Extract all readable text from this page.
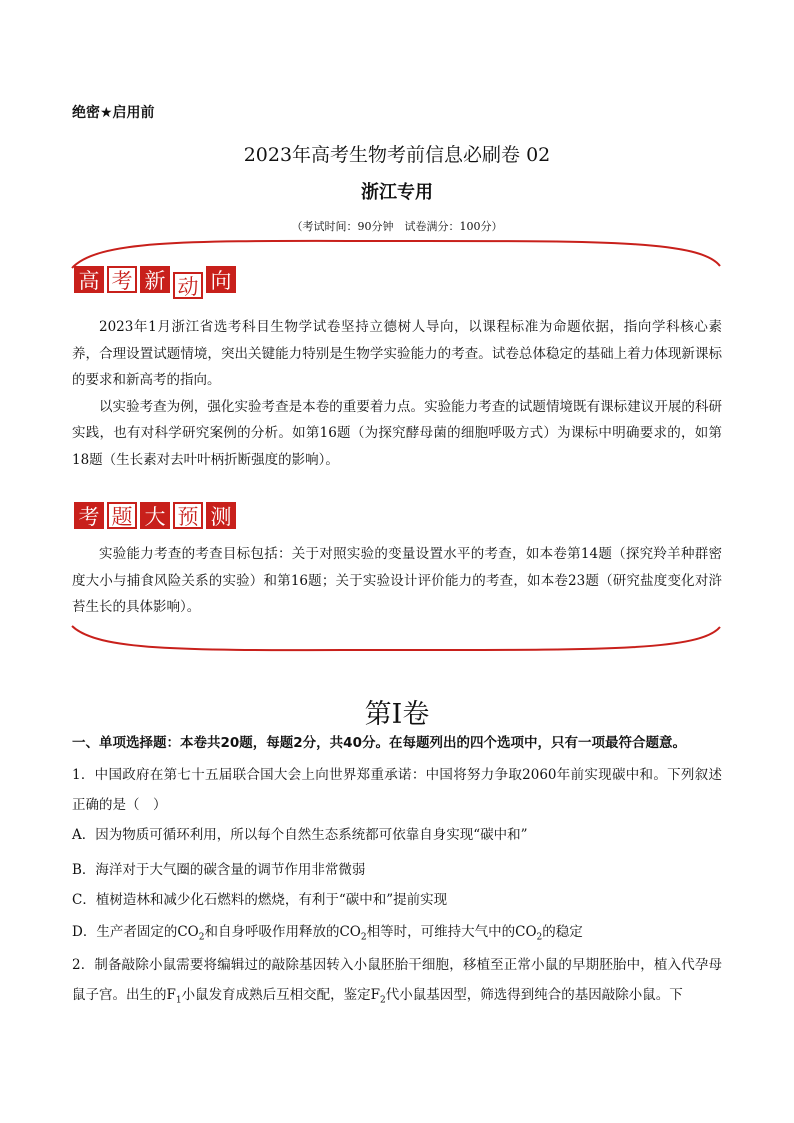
绝密★启用前
2023年高考生物考前信息必刷卷 02
浙江专用
（考试时间：90分钟　试卷满分：100分）
高 考 新 动 向

2023年1月浙江省选考科目生物学试卷坚持立德树人导向，以课程标准为命题依据，指向学科核心素养，合理设置试题情境，突出关键能力特别是生物学实验能力的考查。试卷总体稳定的基础上着力体现新课标的要求和新高考的指向。

以实验考查为例，强化实验考查是本卷的重要着力点。实验能力考查的试题情境既有课标建议开展的科研实践，也有对科学研究案例的分析。如第16题（为探究酵母菌的细胞呼吸方式）为课标中明确要求的，如第18题（生长素对去叶叶柄折断强度的影响）。

考 题 大 预 测

实验能力考查的考查目标包括：关于对照实验的变量设置水平的考查，如本卷第14题（探究羚羊种群密度大小与捕食风险关系的实验）和第16题；关于实验设计评价能力的考查，如本卷23题（研究盐度变化对浒苔生长的具体影响）。

第Ⅰ卷
一、单项选择题：本卷共20题，每题2分，共40分。在每题列出的四个选项中，只有一项最符合题意。
1．中国政府在第七十五届联合国大会上向世界郑重承诺：中国将努力争取2060年前实现碳中和。下列叙述正确的是（　）
A．因为物质可循环利用，所以每个自然生态系统都可依靠自身实现“碳中和”
B．海洋对于大气圈的碳含量的调节作用非常微弱
C．植树造林和减少化石燃料的燃烧，有利于“碳中和”提前实现
D．生产者固定的$CO_2$和自身呼吸作用释放的$CO_2$相等时，可维持大气中的$CO_2$的稳定
2．制备敲除小鼠需要将编辑过的敲除基因转入小鼠胚胎干细胞，移植至正常小鼠的早期胚胎中，植入代孕母鼠子宫。出生的$F_1$小鼠发育成熟后互相交配，鉴定$F_2$代小鼠基因型，筛选得到纯合的基因敲除小鼠。下
